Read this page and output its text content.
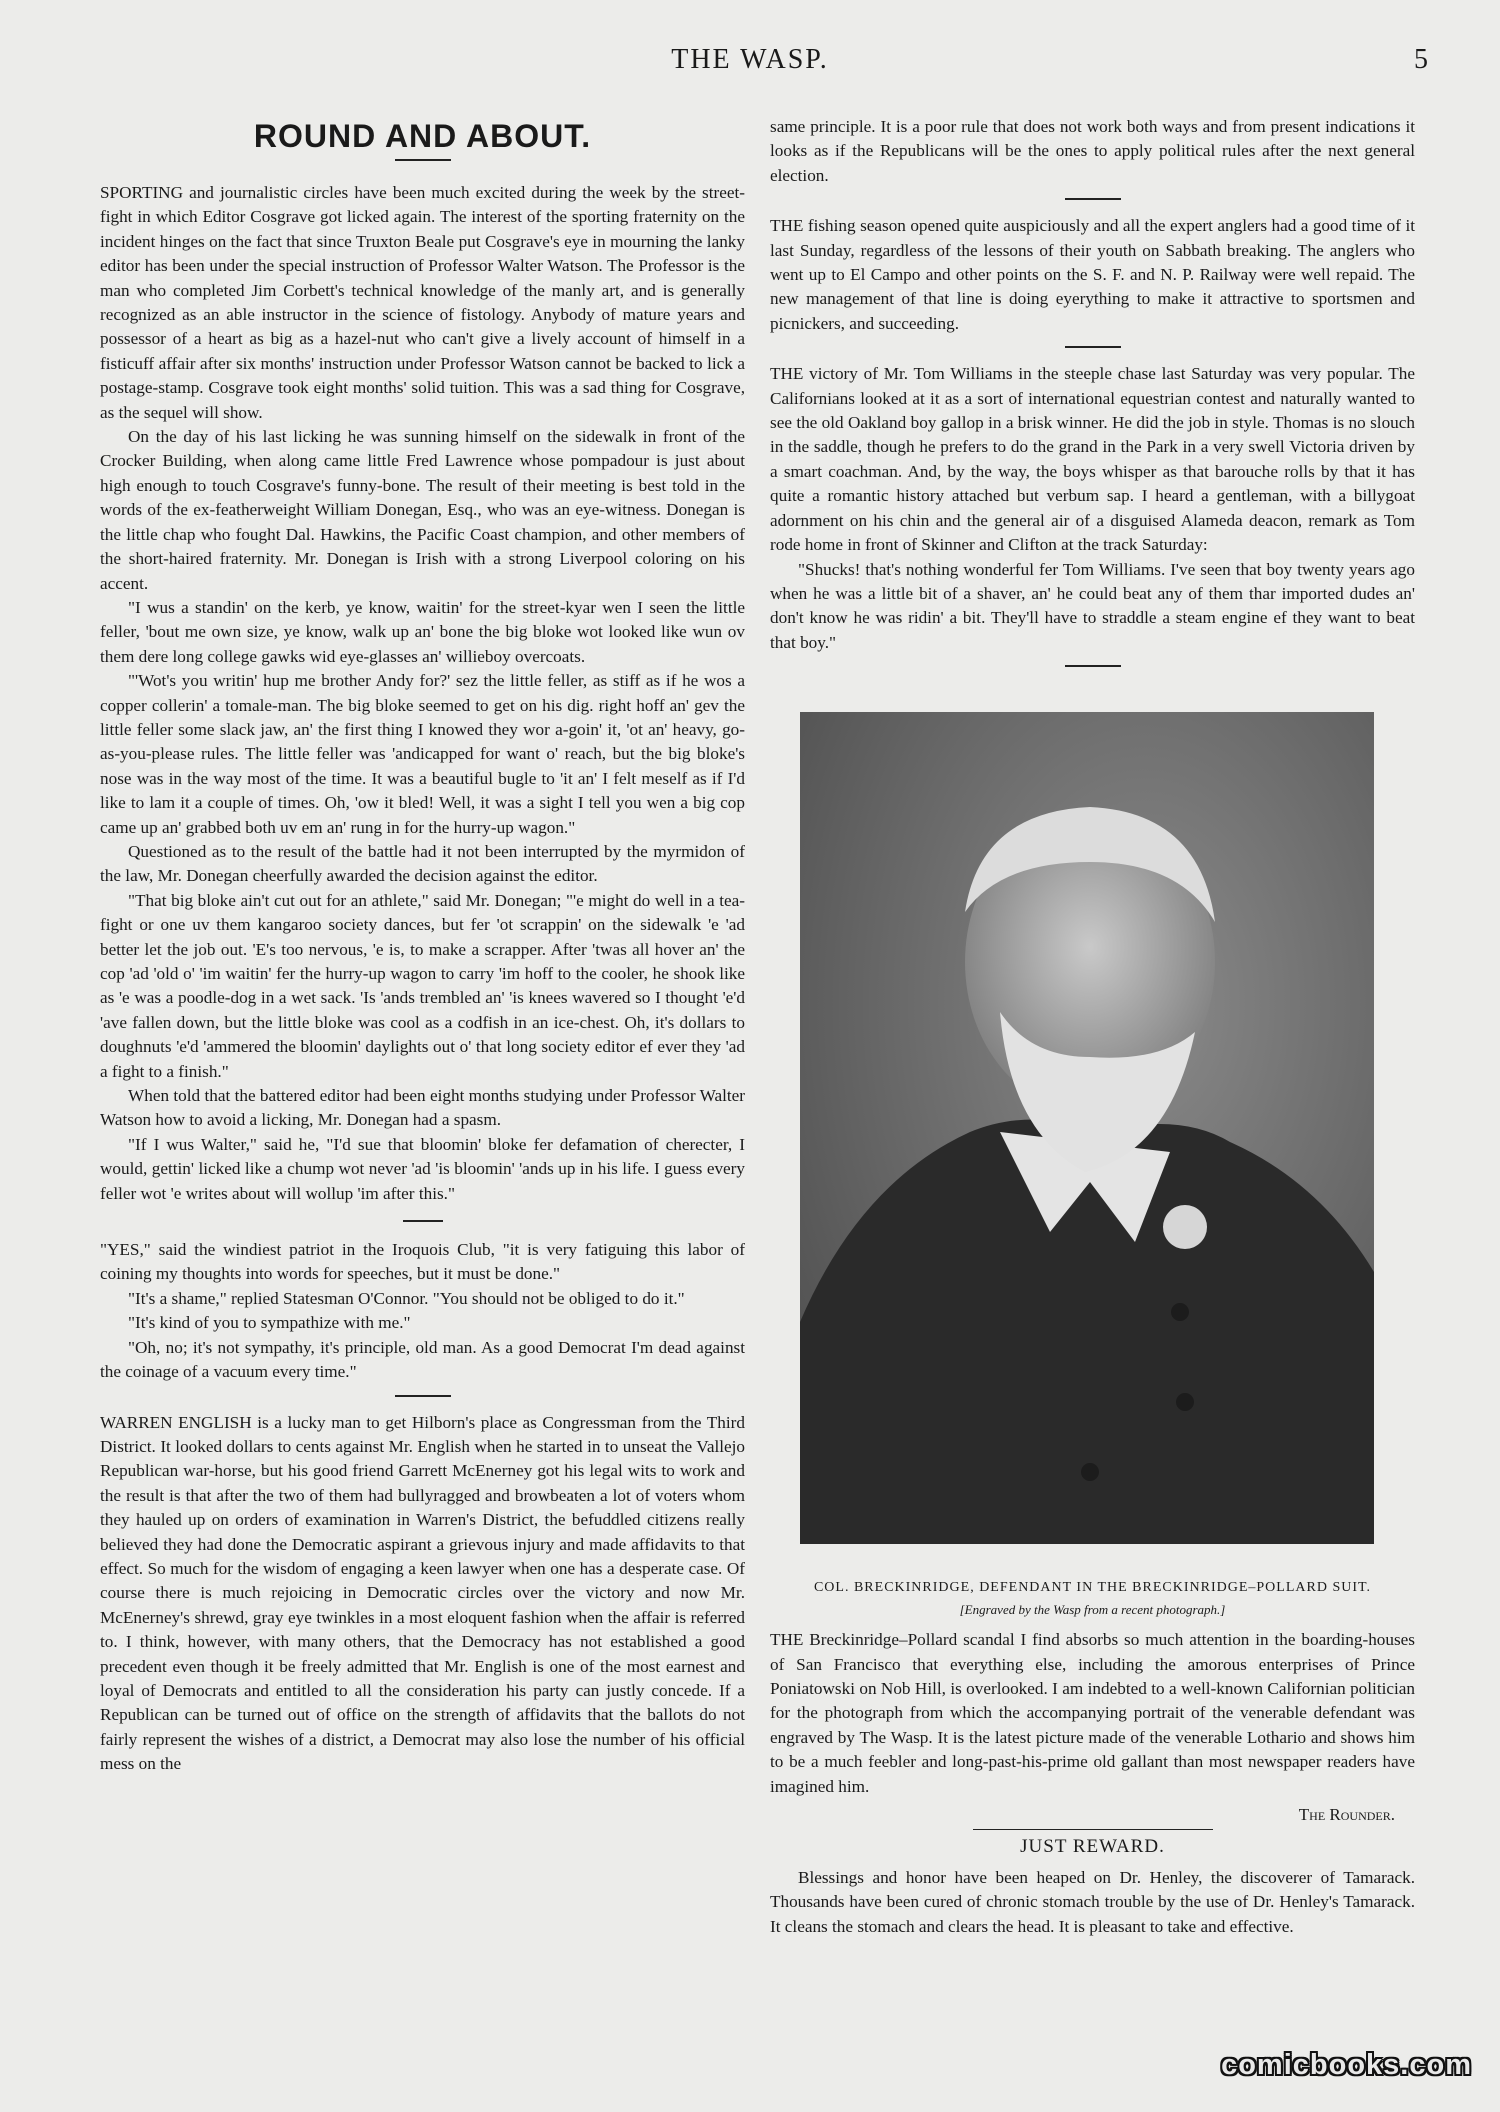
THE WASP.	5
ROUND AND ABOUT.

SPORTING and journalistic circles have been much excited during the week by the street-fight in which Editor Cosgrave got licked again. The interest of the sporting fraternity on the incident hinges on the fact that since Truxton Beale put Cosgrave's eye in mourning the lanky editor has been under the special instruction of Professor Walter Watson. The Professor is the man who completed Jim Corbett's technical knowledge of the manly art, and is generally recognized as an able instructor in the science of fistology. Anybody of mature years and possessor of a heart as big as a hazel-nut who can't give a lively account of himself in a fisticuff affair after six months' instruction under Professor Watson cannot be backed to lick a postage-stamp. Cosgrave took eight months' solid tuition. This was a sad thing for Cosgrave, as the sequel will show.

On the day of his last licking he was sunning himself on the sidewalk in front of the Crocker Building, when along came little Fred Lawrence whose pompadour is just about high enough to touch Cosgrave's funny-bone. The result of their meeting is best told in the words of the ex-featherweight William Donegan, Esq., who was an eye-witness. Donegan is the little chap who fought Dal. Hawkins, the Pacific Coast champion, and other members of the short-haired fraternity. Mr. Donegan is Irish with a strong Liverpool coloring on his accent.

"I wus a standin' on the kerb, ye know, waitin' for the street-kyar wen I seen the little feller, 'bout me own size, ye know, walk up an' bone the big bloke wot looked like wun ov them dere long college gawks wid eye-glasses an' willieboy overcoats.

"'Wot's you writin' hup me brother Andy for?' sez the little feller, as stiff as if he wos a copper collerin' a tomale-man. The big bloke seemed to get on his dig. right hoff an' gev the little feller some slack jaw, an' the first thing I knowed they wor a-goin' it, 'ot an' heavy, go-as-you-please rules. The little feller was 'andicapped for want o' reach, but the big bloke's nose was in the way most of the time. It was a beautiful bugle to 'it an' I felt meself as if I'd like to lam it a couple of times. Oh, 'ow it bled! Well, it was a sight I tell you wen a big cop came up an' grabbed both uv em an' rung in for the hurry-up wagon."

Questioned as to the result of the battle had it not been interrupted by the myrmidon of the law, Mr. Donegan cheerfully awarded the decision against the editor.

"That big bloke ain't cut out for an athlete," said Mr. Donegan; "'e might do well in a tea-fight or one uv them kangaroo society dances, but fer 'ot scrappin' on the sidewalk 'e 'ad better let the job out. 'E's too nervous, 'e is, to make a scrapper. After 'twas all hover an' the cop 'ad 'old o' 'im waitin' fer the hurry-up wagon to carry 'im hoff to the cooler, he shook like as 'e was a poodle-dog in a wet sack. 'Is 'ands trembled an' 'is knees wavered so I thought 'e'd 'ave fallen down, but the little bloke was cool as a codfish in an ice-chest. Oh, it's dollars to doughnuts 'e'd 'ammered the bloomin' daylights out o' that long society editor ef ever they 'ad a fight to a finish."

When told that the battered editor had been eight months studying under Professor Walter Watson how to avoid a licking, Mr. Donegan had a spasm.

"If I wus Walter," said he, "I'd sue that bloomin' bloke fer defamation of cherecter, I would, gettin' licked like a chump wot never 'ad 'is bloomin' 'ands up in his life. I guess every feller wot 'e writes about will wollup 'im after this."

"YES," said the windiest patriot in the Iroquois Club, "it is very fatiguing this labor of coining my thoughts into words for speeches, but it must be done."

"It's a shame," replied Statesman O'Connor. "You should not be obliged to do it."

"It's kind of you to sympathize with me."

"Oh, no; it's not sympathy, it's principle, old man. As a good Democrat I'm dead against the coinage of a vacuum every time."

WARREN ENGLISH is a lucky man to get Hilborn's place as Congressman from the Third District. It looked dollars to cents against Mr. English when he started in to unseat the Vallejo Republican war-horse, but his good friend Garrett McEnerney got his legal wits to work and the result is that after the two of them had bullyragged and browbeaten a lot of voters whom they hauled up on orders of examination in Warren's District, the befuddled citizens really believed they had done the Democratic aspirant a grievous injury and made affidavits to that effect. So much for the wisdom of engaging a keen lawyer when one has a desperate case. Of course there is much rejoicing in Democratic circles over the victory and now Mr. McEnerney's shrewd, gray eye twinkles in a most eloquent fashion when the affair is referred to. I think, however, with many others, that the Democracy has not established a good precedent even though it be freely admitted that Mr. English is one of the most earnest and loyal of Democrats and entitled to all the consideration his party can justly concede. If a Republican can be turned out of office on the strength of affidavits that the ballots do not fairly represent the wishes of a district, a Democrat may also lose the number of his official mess on the

same principle. It is a poor rule that does not work both ways and from present indications it looks as if the Republicans will be the ones to apply political rules after the next general election.

THE fishing season opened quite auspiciously and all the expert anglers had a good time of it last Sunday, regardless of the lessons of their youth on Sabbath breaking. The anglers who went up to El Campo and other points on the S. F. and N. P. Railway were well repaid. The new management of that line is doing eyerything to make it attractive to sportsmen and picnickers, and succeeding.

THE victory of Mr. Tom Williams in the steeple chase last Saturday was very popular. The Californians looked at it as a sort of international equestrian contest and naturally wanted to see the old Oakland boy gallop in a brisk winner. He did the job in style. Thomas is no slouch in the saddle, though he prefers to do the grand in the Park in a very swell Victoria driven by a smart coachman. And, by the way, the boys whisper as that barouche rolls by that it has quite a romantic history attached but verbum sap. I heard a gentleman, with a billygoat adornment on his chin and the general air of a disguised Alameda deacon, remark as Tom rode home in front of Skinner and Clifton at the track Saturday:

"Shucks! that's nothing wonderful fer Tom Williams. I've seen that boy twenty years ago when he was a little bit of a shaver, an' he could beat any of them thar imported dudes an' don't know he was ridin' a bit. They'll have to straddle a steam engine ef they want to beat that boy."

COL. BRECKINRIDGE, DEFENDANT IN THE BRECKINRIDGE–POLLARD SUIT.
[Engraved by the Wasp from a recent photograph.]

THE Breckinridge–Pollard scandal I find absorbs so much attention in the boarding-houses of San Francisco that everything else, including the amorous enterprises of Prince Poniatowski on Nob Hill, is overlooked. I am indebted to a well-known Californian politician for the photograph from which the accompanying portrait of the venerable defendant was engraved by The Wasp. It is the latest picture made of the venerable Lothario and shows him to be a much feebler and long-past-his-prime old gallant than most newspaper readers have imagined him.

The Rounder.
JUST REWARD.

Blessings and honor have been heaped on Dr. Henley, the discoverer of Tamarack. Thousands have been cured of chronic stomach trouble by the use of Dr. Henley's Tamarack. It cleans the stomach and clears the head. It is pleasant to take and effective.

comicbooks.com
